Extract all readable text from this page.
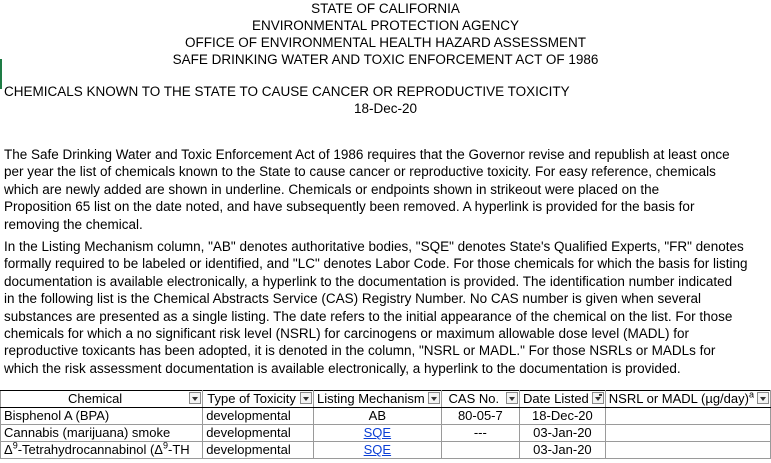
STATE OF CALIFORNIA
ENVIRONMENTAL PROTECTION AGENCY
OFFICE OF ENVIRONMENTAL HEALTH HAZARD ASSESSMENT
SAFE DRINKING WATER AND TOXIC ENFORCEMENT ACT OF 1986
CHEMICALS KNOWN TO THE STATE TO CAUSE CANCER OR REPRODUCTIVE TOXICITY
18-Dec-20
The Safe Drinking Water and Toxic Enforcement Act of 1986 requires that the Governor revise and republish at least once
per year the list of chemicals known to the State to cause cancer or reproductive toxicity. For easy reference, chemicals
which are newly added are shown in underline. Chemicals or endpoints shown in strikeout were placed on the
Proposition 65 list on the date noted, and have subsequently been removed. A hyperlink is provided for the basis for
removing the chemical.
In the Listing Mechanism column, "AB" denotes authoritative bodies, "SQE" denotes State's Qualified Experts, "FR" denotes
formally required to be labeled or identified, and "LC" denotes Labor Code. For those chemicals for which the basis for listing
documentation is available electronically, a hyperlink to the documentation is provided. The identification number indicated
in the following list is the Chemical Abstracts Service (CAS) Registry Number. No CAS number is given when several
substances are presented as a single listing. The date refers to the initial appearance of the chemical on the list. For those
chemicals for which a no significant risk level (NSRL) for carcinogens or maximum allowable dose level (MADL) for
reproductive toxicants has been adopted, it is denoted in the column, "NSRL or MADL." For those NSRLs or MADLs for
which the risk assessment documentation is available electronically, a hyperlink to the documentation is provided.
Chemical	Type of Toxicity	Listing Mechanism	CAS No.	Date Listed	NSRL or MADL $(\mu g/day)^a$

Bisphenol A (BPA)	developmental	AB	80-05-7	18-Dec-20	
Cannabis (marijuana) smoke	developmental	SQE	---	03-Jan-20	
$\Delta^9$-Tetrahydrocannabinol ($\Delta^9-TH$	developmental	SQE		03-Jan-20	
